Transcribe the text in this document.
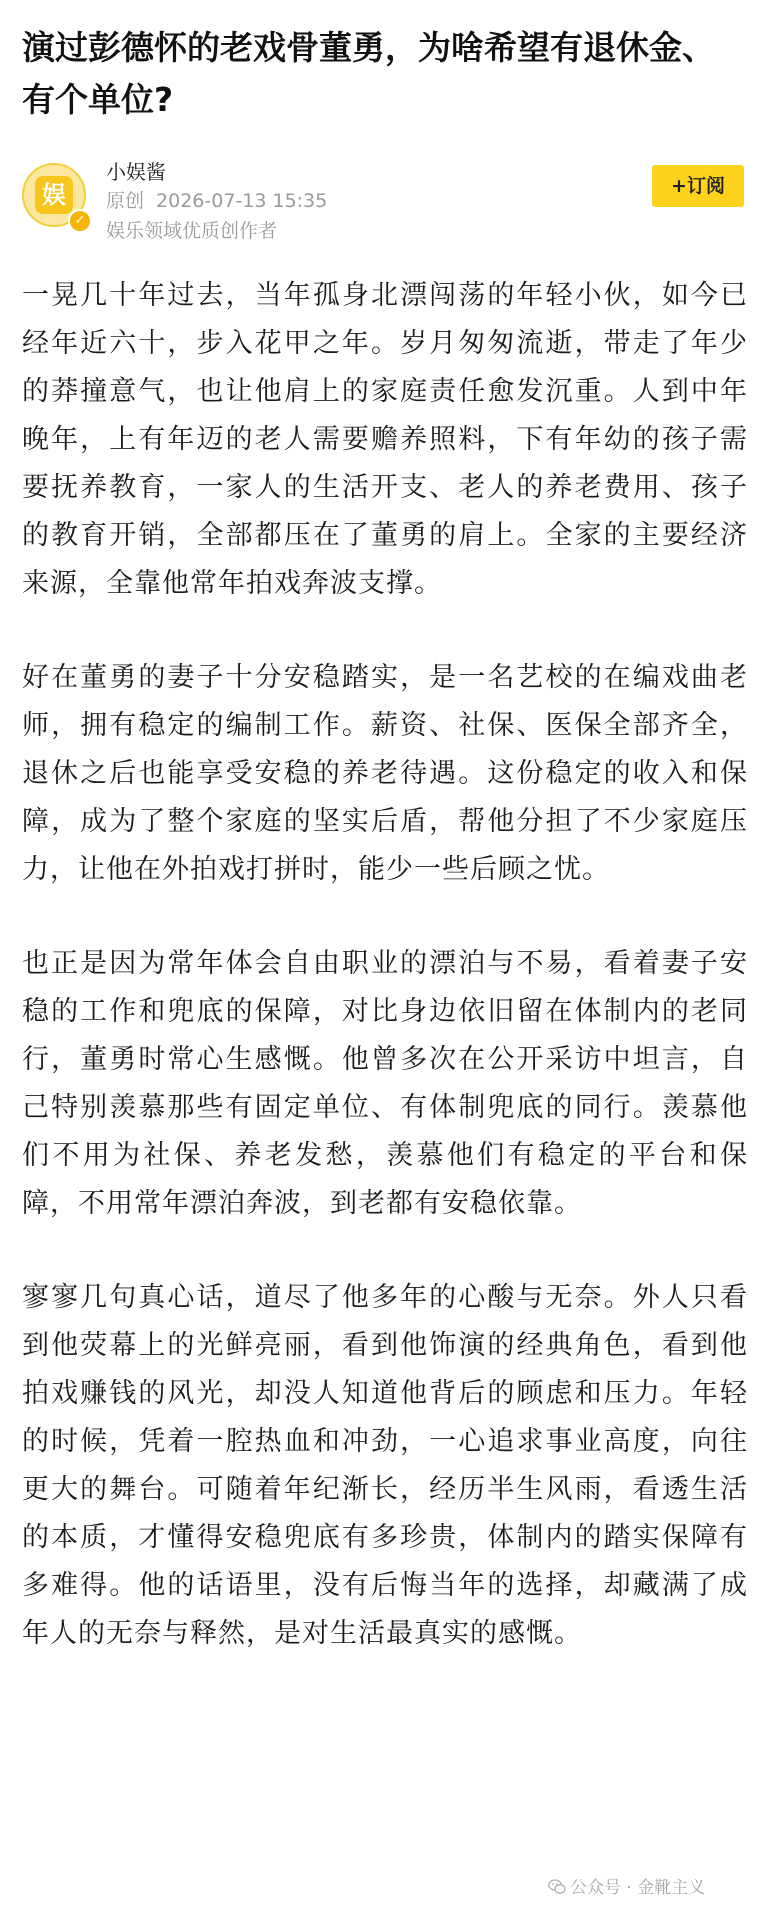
演过彭德怀的老戏骨董勇，为啥希望有退休金、有个单位?
娱
✓
小娱酱
原创 2026-07-13 15:35
娱乐领域优质创作者
+订阅

一晃几十年过去，当年孤身北漂闯荡的年轻小伙，如今已经年近六十，步入花甲之年。岁月匆匆流逝，带走了年少的莽撞意气，也让他肩上的家庭责任愈发沉重。人到中年晚年，上有年迈的老人需要赡养照料，下有年幼的孩子需要抚养教育，一家人的生活开支、老人的养老费用、孩子的教育开销，全部都压在了董勇的肩上。全家的主要经济来源，全靠他常年拍戏奔波支撑。

好在董勇的妻子十分安稳踏实，是一名艺校的在编戏曲老师，拥有稳定的编制工作。薪资、社保、医保全部齐全，退休之后也能享受安稳的养老待遇。这份稳定的收入和保障，成为了整个家庭的坚实后盾，帮他分担了不少家庭压力，让他在外拍戏打拼时，能少一些后顾之忧。

也正是因为常年体会自由职业的漂泊与不易，看着妻子安稳的工作和兜底的保障，对比身边依旧留在体制内的老同行，董勇时常心生感慨。他曾多次在公开采访中坦言，自己特别羡慕那些有固定单位、有体制兜底的同行。羡慕他们不用为社保、养老发愁，羡慕他们有稳定的平台和保障，不用常年漂泊奔波，到老都有安稳依靠。

寥寥几句真心话，道尽了他多年的心酸与无奈。外人只看到他荧幕上的光鲜亮丽，看到他饰演的经典角色，看到他拍戏赚钱的风光，却没人知道他背后的顾虑和压力。年轻的时候，凭着一腔热血和冲劲，一心追求事业高度，向往更大的舞台。可随着年纪渐长，经历半生风雨，看透生活的本质，才懂得安稳兜底有多珍贵，体制内的踏实保障有多难得。他的话语里，没有后悔当年的选择，却藏满了成年人的无奈与释然，是对生活最真实的感慨。

公众号 · 金靴主义
